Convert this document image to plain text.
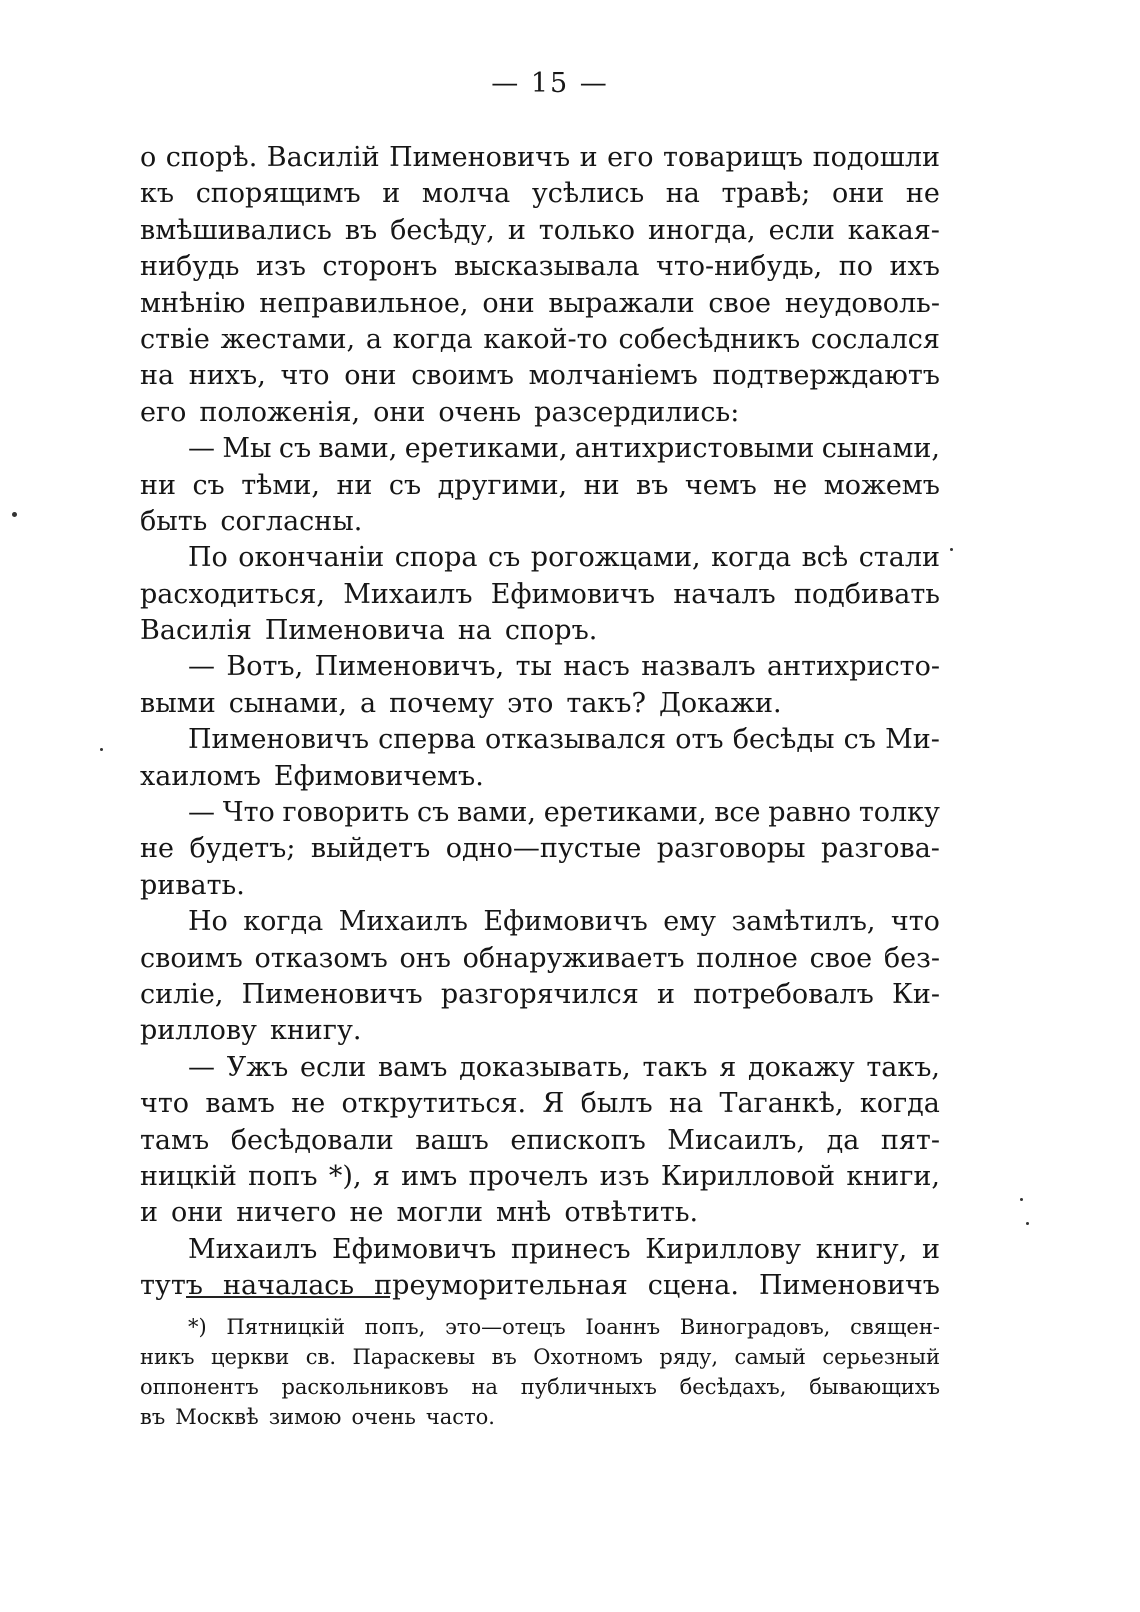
— 15 —
о спорѣ. Василій Пименовичъ и его товарищъ подошли
къ спорящимъ и молча усѣлись на травѣ; они не
вмѣшивались въ бесѣду, и только иногда, если какая-
нибудь изъ сторонъ высказывала что-нибудь, по ихъ
мнѣнію неправильное, они выражали свое неудоволь-
ствіе жестами, а когда какой-то собесѣдникъ сослался
на нихъ, что они своимъ молчаніемъ подтверждаютъ
его положенія, они очень разсердились:
— Мы съ вами, еретиками, антихристовыми сынами,
ни съ тѣми, ни съ другими, ни въ чемъ не можемъ
быть согласны.
По окончаніи спора съ рогожцами, когда всѣ стали
расходиться, Михаилъ Ефимовичъ началъ подбивать
Василія Пименовича на споръ.
— Вотъ, Пименовичъ, ты насъ назвалъ антихристо-
выми сынами, а почему это такъ? Докажи.
Пименовичъ сперва отказывался отъ бесѣды съ Ми-
хаиломъ Ефимовичемъ.
— Что говорить съ вами, еретиками, все равно толку
не будетъ; выйдетъ одно—пустые разговоры разгова-
ривать.
Но когда Михаилъ Ефимовичъ ему замѣтилъ, что
своимъ отказомъ онъ обнаруживаетъ полное свое без-
силіе, Пименовичъ разгорячился и потребовалъ Ки-
риллову книгу.
— Ужъ если вамъ доказывать, такъ я докажу такъ,
что вамъ не открутиться. Я былъ на Таганкѣ, когда
тамъ бесѣдовали вашъ епископъ Мисаилъ, да пят-
ницкій попъ *), я имъ прочелъ изъ Кирилловой книги,
и они ничего не могли мнѣ отвѣтить.
Михаилъ Ефимовичъ принесъ Кириллову книгу, и
тутъ началась преуморительная сцена. Пименовичъ
*) Пятницкій попъ, это—отецъ Іоаннъ Виноградовъ, священ-
никъ церкви св. Параскевы въ Охотномъ ряду, самый серьезный
оппонентъ раскольниковъ на публичныхъ бесѣдахъ, бывающихъ
въ Москвѣ зимою очень часто.
